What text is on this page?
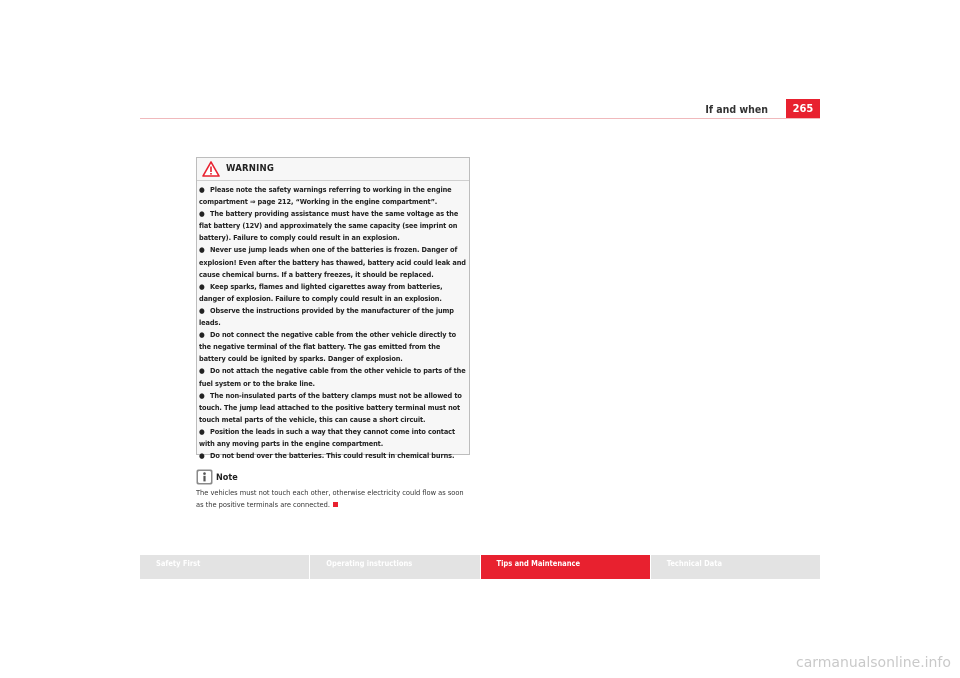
If and when	265
WARNING
● Please note the safety warnings referring to working in the engine compartment ⇒ page 212, “Working in the engine compartment”.
● The battery providing assistance must have the same voltage as the flat battery (12V) and approximately the same capacity (see imprint on battery). Failure to comply could result in an explosion.
● Never use jump leads when one of the batteries is frozen. Danger of explosion! Even after the battery has thawed, battery acid could leak and cause chemical burns. If a battery freezes, it should be replaced.
● Keep sparks, flames and lighted cigarettes away from batteries, danger of explosion. Failure to comply could result in an explosion.
● Observe the instructions provided by the manufacturer of the jump leads.
● Do not connect the negative cable from the other vehicle directly to the negative terminal of the flat battery. The gas emitted from the battery could be ignited by sparks. Danger of explosion.
● Do not attach the negative cable from the other vehicle to parts of the fuel system or to the brake line.
● The non-insulated parts of the battery clamps must not be allowed to touch. The jump lead attached to the positive battery terminal must not touch metal parts of the vehicle, this can cause a short circuit.
● Position the leads in such a way that they cannot come into contact with any moving parts in the engine compartment.
● Do not bend over the batteries. This could result in chemical burns.
Note
The vehicles must not touch each other, otherwise electricity could flow as soon as the positive terminals are connected.
Safety First	Operating instructions	Tips and Maintenance	Technical Data
carmanualsonline.info
